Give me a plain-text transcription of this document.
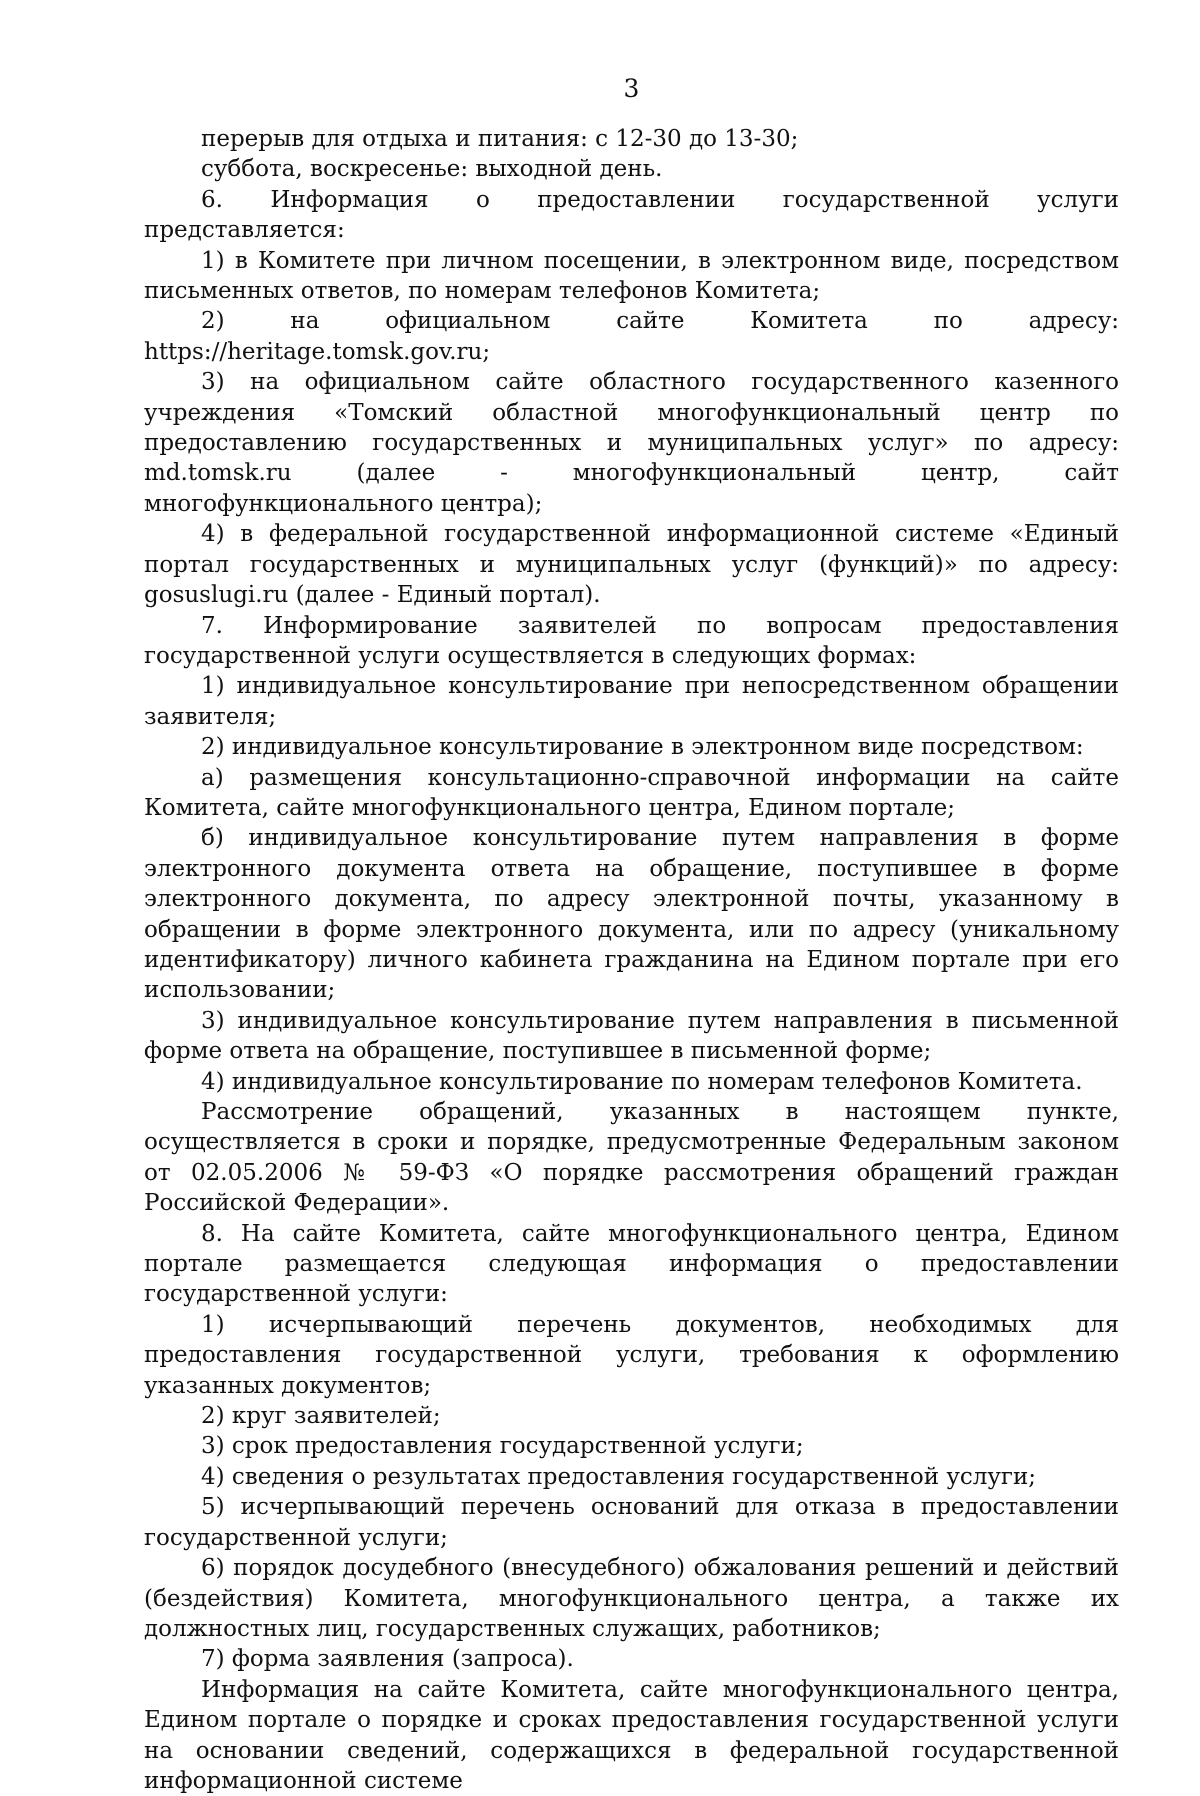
3

перерыв для отдыха и питания: с 12-30 до 13-30;

суббота, воскресенье: выходной день.

6. Информация о предоставлении государственной услуги представляется:

1) в Комитете при личном посещении, в электронном виде, посредством письменных ответов, по номерам телефонов Комитета;

2) на официальном сайте Комитета по адресу: https://heritage.tomsk.gov.ru;

3) на официальном сайте областного государственного казенного учреждения «Томский областной многофункциональный центр по предоставлению государственных и муниципальных услуг» по адресу: md.tomsk.ru (далее - многофункциональный центр, сайт многофункционального центра);

4) в федеральной государственной информационной системе «Единый портал государственных и муниципальных услуг (функций)» по адресу: gosuslugi.ru (далее - Единый портал).

7. Информирование заявителей по вопросам предоставления государственной услуги осуществляется в следующих формах:

1) индивидуальное консультирование при непосредственном обращении заявителя;

2) индивидуальное консультирование в электронном виде посредством:

а) размещения консультационно-справочной информации на сайте Комитета, сайте многофункционального центра, Едином портале;

б) индивидуальное консультирование путем направления в форме электронного документа ответа на обращение, поступившее в форме электронного документа, по адресу электронной почты, указанному в обращении в форме электронного документа, или по адресу (уникальному идентификатору) личного кабинета гражданина на Едином портале при его использовании;

3) индивидуальное консультирование путем направления в письменной форме ответа на обращение, поступившее в письменной форме;

4) индивидуальное консультирование по номерам телефонов Комитета.

Рассмотрение обращений, указанных в настоящем пункте, осуществляется в сроки и порядке, предусмотренные Федеральным законом от 02.05.2006 № 59-ФЗ «О порядке рассмотрения обращений граждан Российской Федерации».

8. На сайте Комитета, сайте многофункционального центра, Едином портале размещается следующая информация о предоставлении государственной услуги:

1) исчерпывающий перечень документов, необходимых для предоставления государственной услуги, требования к оформлению указанных документов;

2) круг заявителей;

3) срок предоставления государственной услуги;

4) сведения о результатах предоставления государственной услуги;

5) исчерпывающий перечень оснований для отказа в предоставлении государственной услуги;

6) порядок досудебного (внесудебного) обжалования решений и действий (бездействия) Комитета, многофункционального центра, а также их должностных лиц, государственных служащих, работников;

7) форма заявления (запроса).

Информация на сайте Комитета, сайте многофункционального центра, Едином портале о порядке и сроках предоставления государственной услуги на основании сведений, содержащихся в федеральной государственной информационной системе
